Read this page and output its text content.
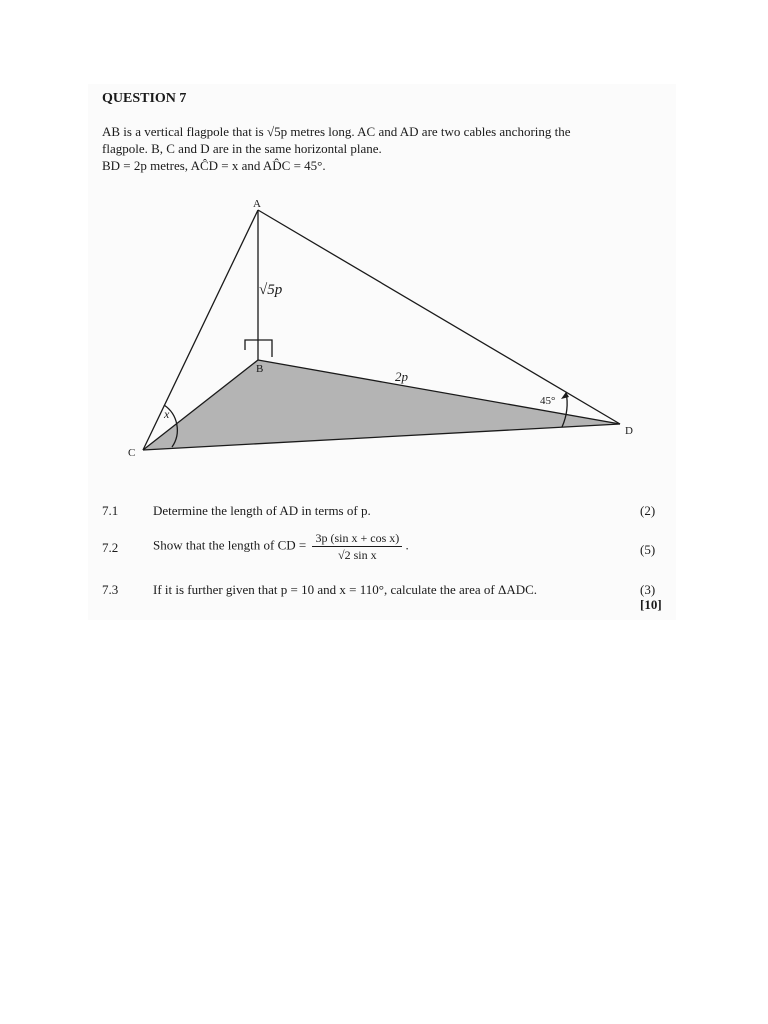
QUESTION 7
AB is a vertical flagpole that is √5p metres long. AC and AD are two cables anchoring the
flagpole. B, C and D are in the same horizontal plane.
BD = 2p metres, AĈD = x and AD̂C = 45°.
A
B
C
D
√5p
2p
x
45°
7.1	Determine the length of AD in terms of p.	(2)
7.2	Show that the length of CD = $\frac{\text{3p (sin x + cos x)}}{\text{√2 sin x}}$ .	(5)
7.3	If it is further given that p = 10 and x = 110°, calculate the area of ΔADC.	(3)
[10]
